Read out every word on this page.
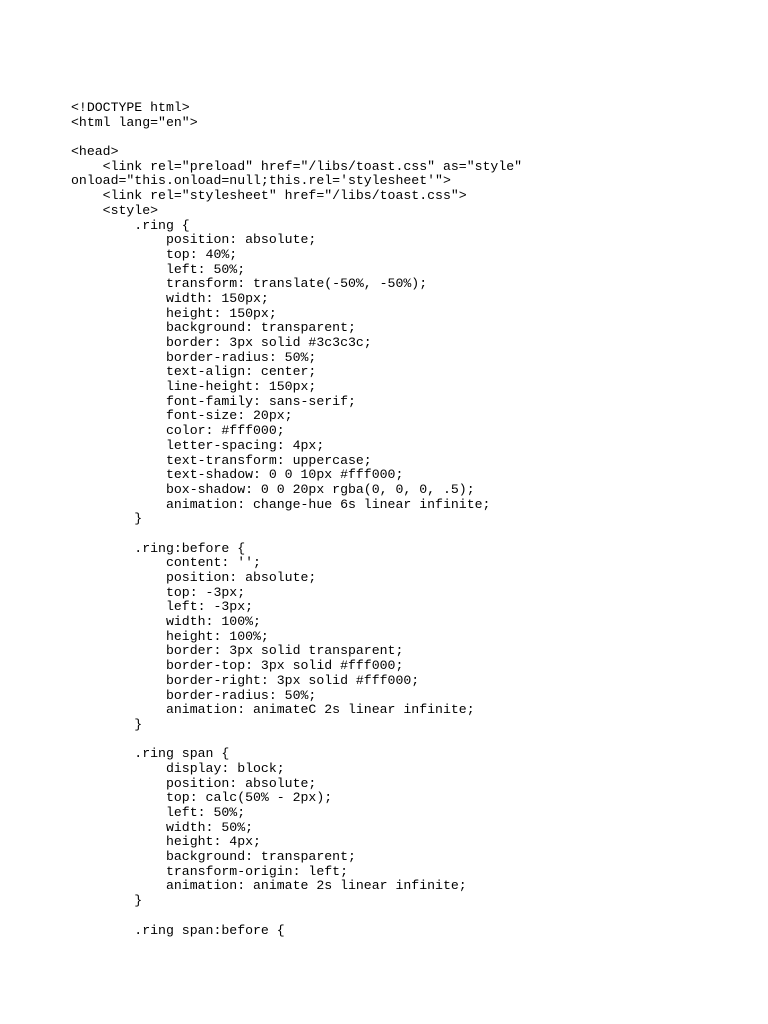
<!DOCTYPE html>
<html lang="en">
<head>
<link rel="preload" href="/libs/toast.css" as="style"
onload="this.onload=null;this.rel='stylesheet'">
<link rel="stylesheet" href="/libs/toast.css">
<style>
.ring {
position: absolute;
top: 40%;
left: 50%;
transform: translate(-50%, -50%);
width: 150px;
height: 150px;
background: transparent;
border: 3px solid #3c3c3c;
border-radius: 50%;
text-align: center;
line-height: 150px;
font-family: sans-serif;
font-size: 20px;
color: #fff000;
letter-spacing: 4px;
text-transform: uppercase;
text-shadow: 0 0 10px #fff000;
box-shadow: 0 0 20px rgba(0, 0, 0, .5);
animation: change-hue 6s linear infinite;
}
.ring:before {
content: '';
position: absolute;
top: -3px;
left: -3px;
width: 100%;
height: 100%;
border: 3px solid transparent;
border-top: 3px solid #fff000;
border-right: 3px solid #fff000;
border-radius: 50%;
animation: animateC 2s linear infinite;
}
.ring span {
display: block;
position: absolute;
top: calc(50% - 2px);
left: 50%;
width: 50%;
height: 4px;
background: transparent;
transform-origin: left;
animation: animate 2s linear infinite;
}
.ring span:before {
